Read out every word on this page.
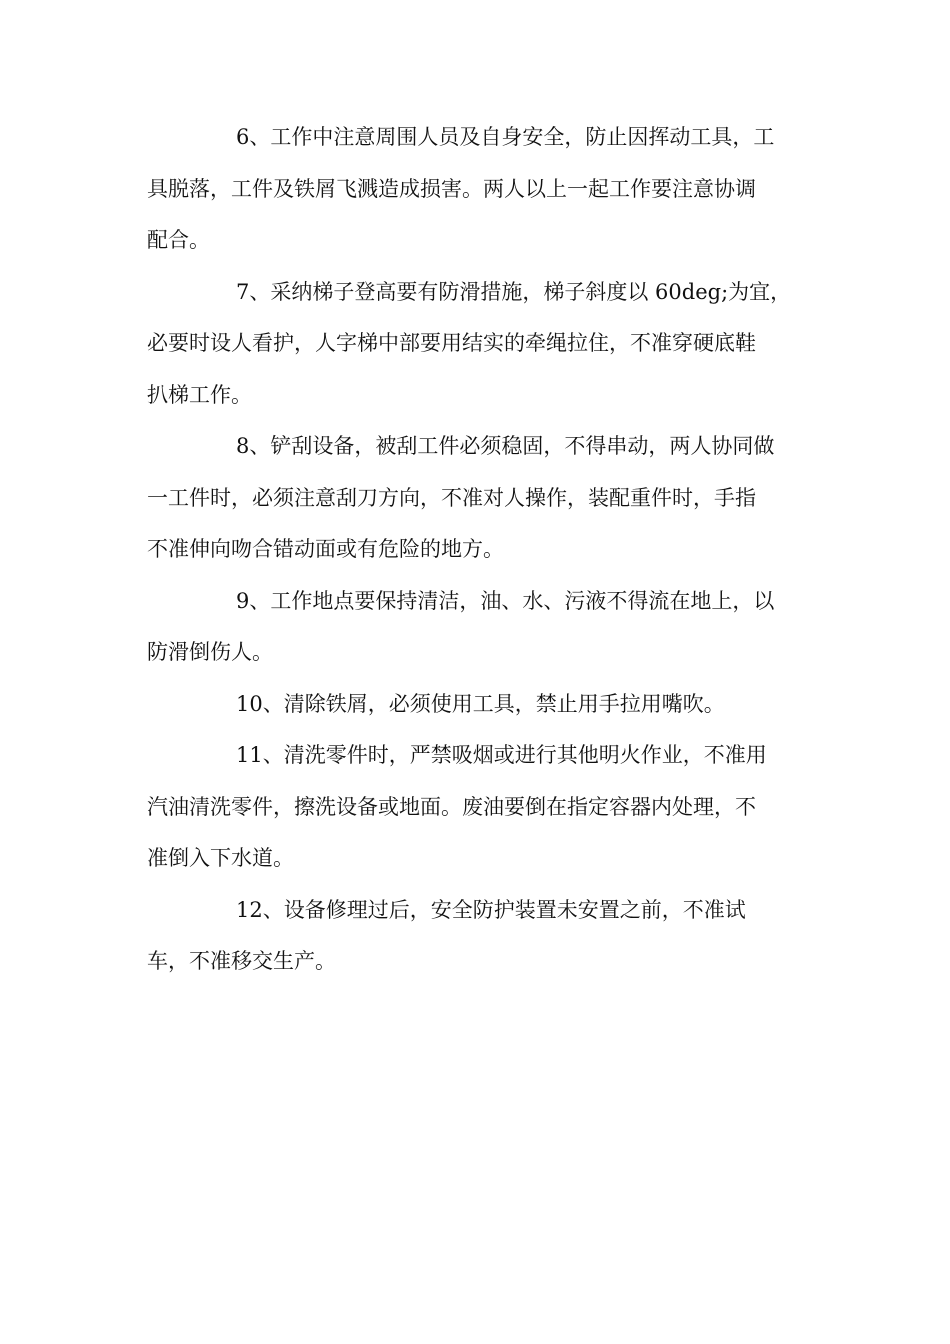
6、工作中注意周围人员及自身安全，防止因挥动工具，工
具脱落，工件及铁屑飞溅造成损害。两人以上一起工作要注意协调
配合。

7、采纳梯子登高要有防滑措施，梯子斜度以 60deg;为宜，
必要时设人看护，人字梯中部要用结实的牵绳拉住，不准穿硬底鞋
扒梯工作。

8、铲刮设备，被刮工件必须稳固，不得串动，两人协同做
一工件时，必须注意刮刀方向，不准对人操作，装配重件时，手指
不准伸向吻合错动面或有危险的地方。

9、工作地点要保持清洁，油、水、污液不得流在地上，以
防滑倒伤人。

10、清除铁屑，必须使用工具，禁止用手拉用嘴吹。

11、清洗零件时，严禁吸烟或进行其他明火作业，不准用
汽油清洗零件，擦洗设备或地面。废油要倒在指定容器内处理，不
准倒入下水道。

12、设备修理过后，安全防护装置未安置之前，不准试
车，不准移交生产。
